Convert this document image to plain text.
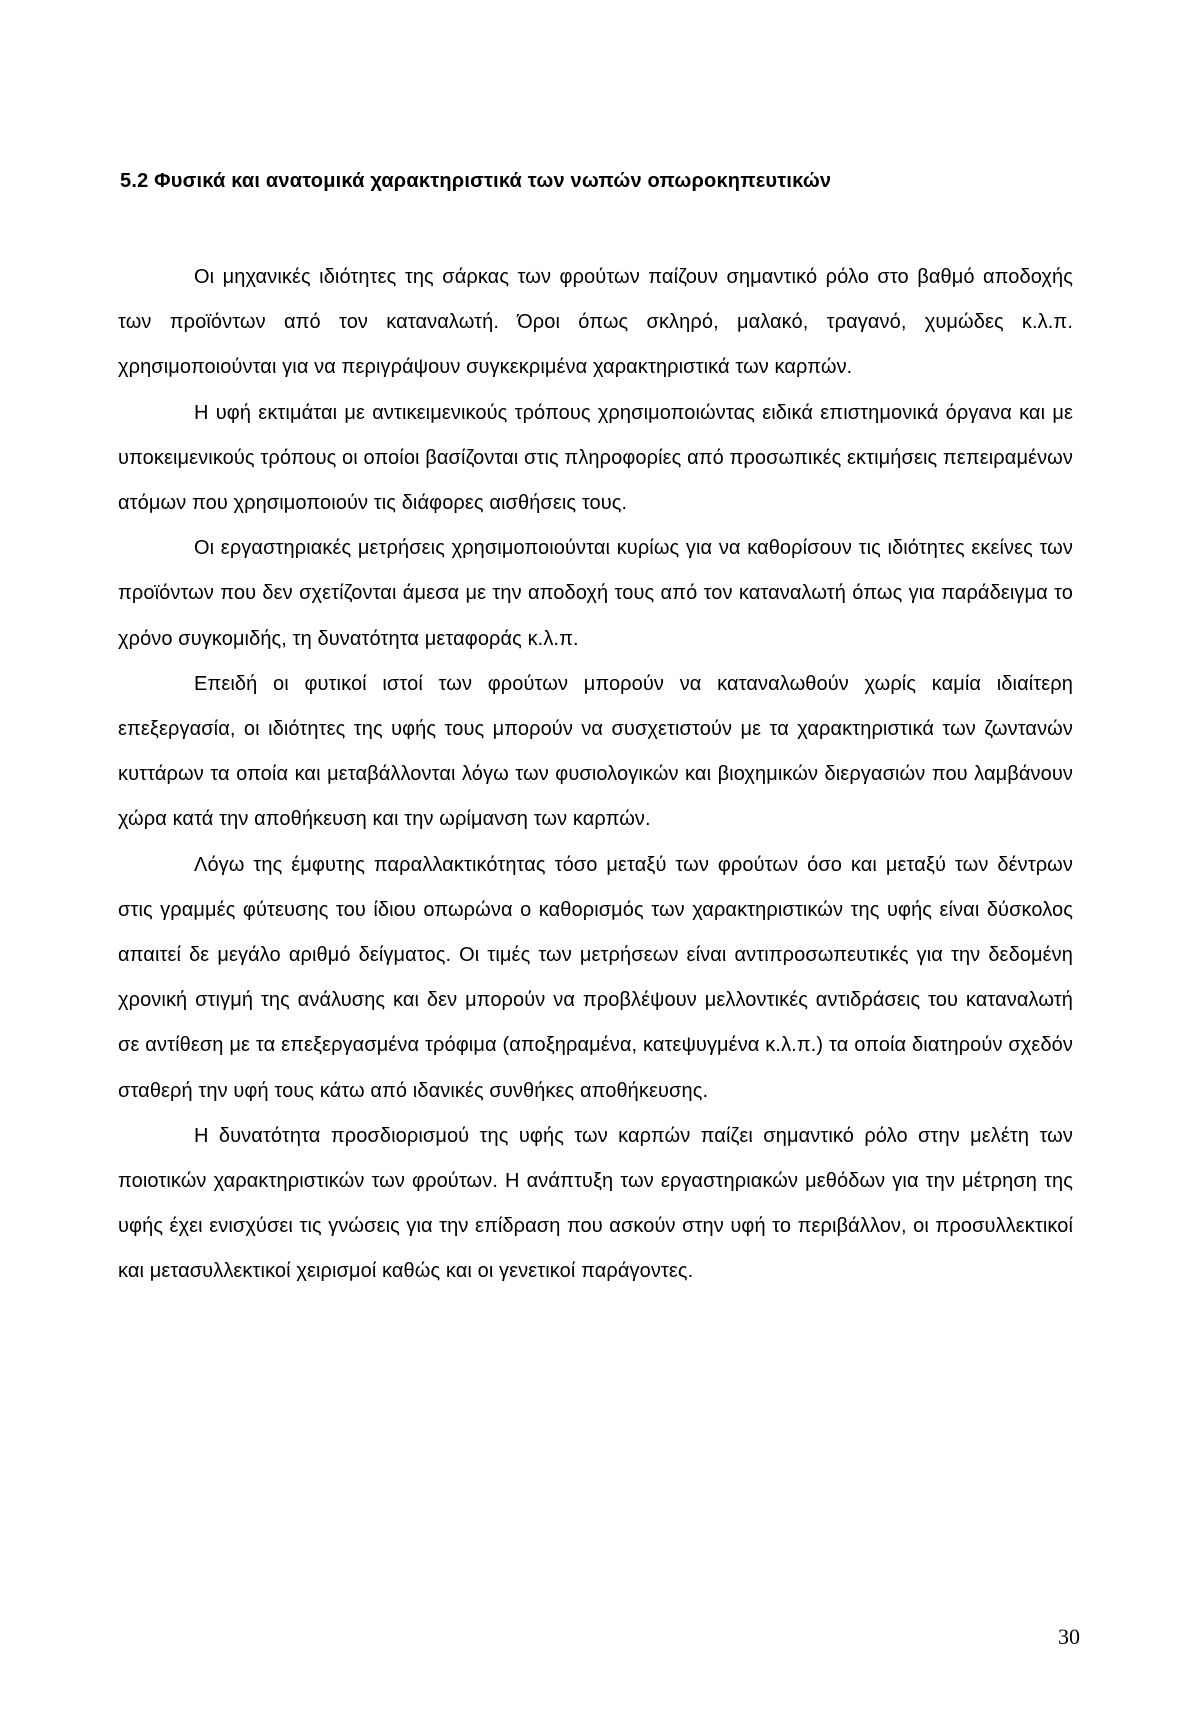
5.2 Φυσικά και ανατομικά χαρακτηριστικά των νωπών οπωροκηπευτικών

Οι μηχανικές ιδιότητες της σάρκας των φρούτων παίζουν σημαντικό ρόλο στο βαθμό αποδοχής των προϊόντων από τον καταναλωτή. Όροι όπως σκληρό, μαλακό, τραγανό, χυμώδες κ.λ.π. χρησιμοποιούνται για να περιγράψουν συγκεκριμένα χαρακτηριστικά των καρπών.

Η υφή εκτιμάται με αντικειμενικούς τρόπους χρησιμοποιώντας ειδικά επιστημονικά όργανα και με υποκειμενικούς τρόπους οι οποίοι βασίζονται στις πληροφορίες από προσωπικές εκτιμήσεις πεπειραμένων ατόμων που χρησιμοποιούν τις διάφορες αισθήσεις τους.

Οι εργαστηριακές μετρήσεις χρησιμοποιούνται κυρίως για να καθορίσουν τις ιδιότητες εκείνες των προϊόντων που δεν σχετίζονται άμεσα με την αποδοχή τους από τον καταναλωτή όπως για παράδειγμα το χρόνο συγκομιδής, τη δυνατότητα μεταφοράς κ.λ.π.

Επειδή οι φυτικοί ιστοί των φρούτων μπορούν να καταναλωθούν χωρίς καμία ιδιαίτερη επεξεργασία, οι ιδιότητες της υφής τους μπορούν να συσχετιστούν με τα χαρακτηριστικά των ζωντανών κυττάρων τα οποία και μεταβάλλονται λόγω των φυσιολογικών και βιοχημικών διεργασιών που λαμβάνουν χώρα κατά την αποθήκευση και την ωρίμανση των καρπών.

Λόγω της έμφυτης παραλλακτικότητας τόσο μεταξύ των φρούτων όσο και μεταξύ των δέντρων στις γραμμές φύτευσης του ίδιου οπωρώνα ο καθορισμός των χαρακτηριστικών της υφής είναι δύσκολος απαιτεί δε μεγάλο αριθμό δείγματος. Οι τιμές των μετρήσεων είναι αντιπροσωπευτικές για την δεδομένη χρονική στιγμή της ανάλυσης και δεν μπορούν να προβλέψουν μελλοντικές αντιδράσεις του καταναλωτή σε αντίθεση με τα επεξεργασμένα τρόφιμα (αποξηραμένα, κατεψυγμένα κ.λ.π.) τα οποία διατηρούν σχεδόν σταθερή την υφή τους κάτω από ιδανικές συνθήκες αποθήκευσης.

Η δυνατότητα προσδιορισμού της υφής των καρπών παίζει σημαντικό ρόλο στην μελέτη των ποιοτικών χαρακτηριστικών των φρούτων. Η ανάπτυξη των εργαστηριακών μεθόδων για την μέτρηση της υφής έχει ενισχύσει τις γνώσεις για την επίδραση που ασκούν στην υφή το περιβάλλον, οι προσυλλεκτικοί και μετασυλλεκτικοί χειρισμοί καθώς και οι γενετικοί παράγοντες.

30
